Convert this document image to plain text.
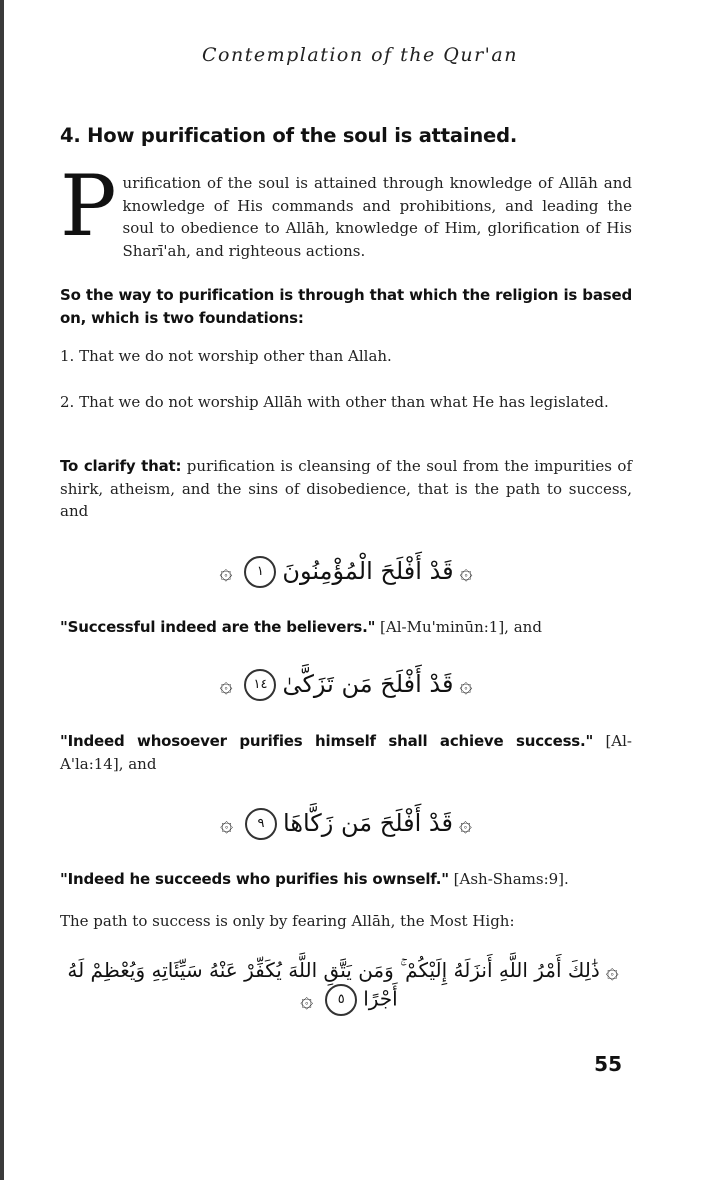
Contemplation of the Qur'an
4. How purification of the soul is attained.
Purification of the soul is attained through knowledge of Allāh and knowledge of His commands and prohibitions, and leading the soul to obedience to Allāh, knowledge of Him, glorification of His Sharī'ah, and righteous actions.
So the way to purification is through that which the religion is based on, which is two foundations:
1. That we do not worship other than Allah.
2. That we do not worship Allāh with other than what He has legislated.
To clarify that: purification is cleansing of the soul from the impurities of shirk, atheism, and the sins of disobedience, that is the path to success, and
۞قَدْ أَفْلَحَ الْمُؤْمِنُونَ١۞
"Successful indeed are the believers." [Al-Mu'minūn:1], and
۞قَدْ أَفْلَحَ مَن تَزَكَّىٰ١٤۞
"Indeed whosoever purifies himself shall achieve success." [Al-A'la:14], and
۞قَدْ أَفْلَحَ مَن زَكَّاهَا٩۞
"Indeed he succeeds who purifies his ownself." [Ash-Shams:9].
The path to success is only by fearing Allāh, the Most High:
۞ذَٰلِكَ أَمْرُ اللَّهِ أَنزَلَهُ إِلَيْكُمْ ۚ وَمَن يَتَّقِ اللَّهَ يُكَفِّرْ عَنْهُ سَيِّئَاتِهِ وَيُعْظِمْ لَهُ أَجْرًا٥۞
55
